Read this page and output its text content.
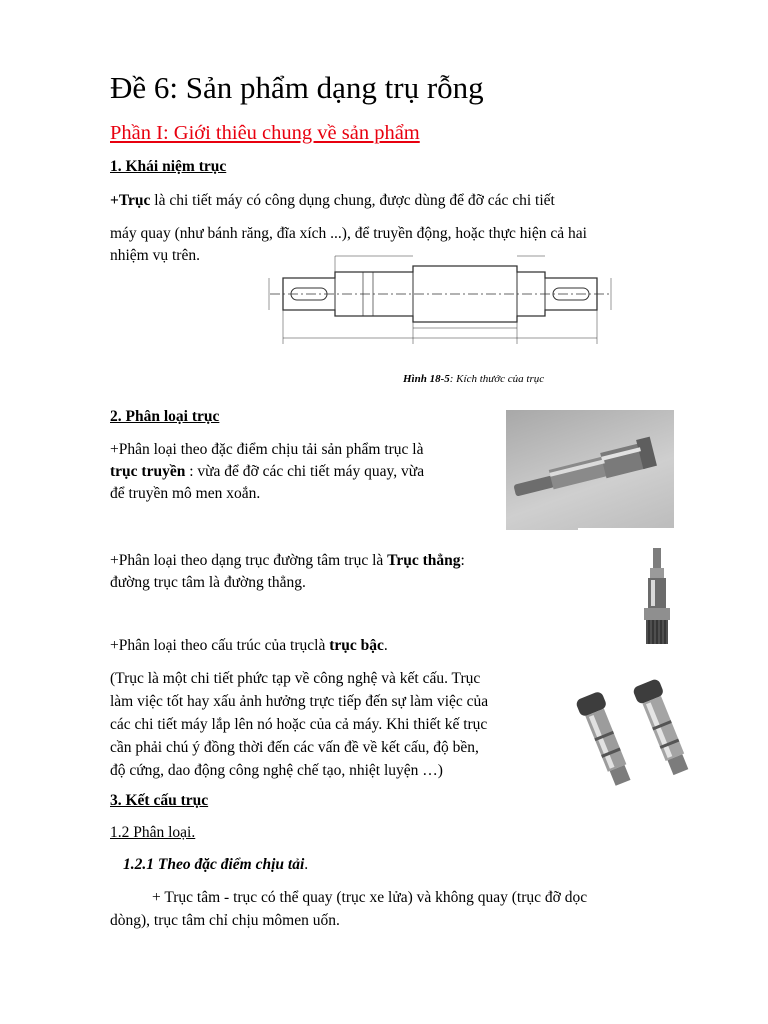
Đề 6: Sản phẩm dạng trụ rỗng
Phần I: Giới thiêu chung về sản phẩm
1. Khái niệm trục
+Trục là chi tiết máy có công dụng chung, được dùng để đỡ các chi tiết
máy quay (như bánh răng, đĩa xích ...), để truyền động, hoặc thực hiện cả hai
nhiệm vụ trên.
Hình 18-5: Kích thước của trục
2. Phân loại trục
+Phân loại theo đặc điểm chịu tải sản phẩm trục là
trục truyền : vừa để đỡ các chi tiết máy quay, vừa
để truyền mô men xoắn.
+Phân loại theo dạng trục đường tâm trục là Trục thẳng:
đường trục tâm là đường thẳng.
+Phân loại theo cấu trúc của trụclà trục bậc.
(Trục là một chi tiết phức tạp về công nghệ và kết cấu. Trục
làm việc tốt hay xấu ảnh hưởng trực tiếp đến sự làm việc của
các chi tiết máy lắp lên nó hoặc của cả máy. Khi thiết kế trục
cần phải chú ý đồng thời đến các vấn đề về kết cấu, độ bền,
độ cứng, dao động công nghệ chế tạo, nhiệt luyện …)
3. Kết cấu trục
1.2 Phân loại.
1.2.1 Theo đặc điểm chịu tải.
+ Trục tâm - trục có thể quay (trục xe lửa) và không quay (trục đỡ dọc
dòng), trục tâm chỉ chịu mômen uốn.
